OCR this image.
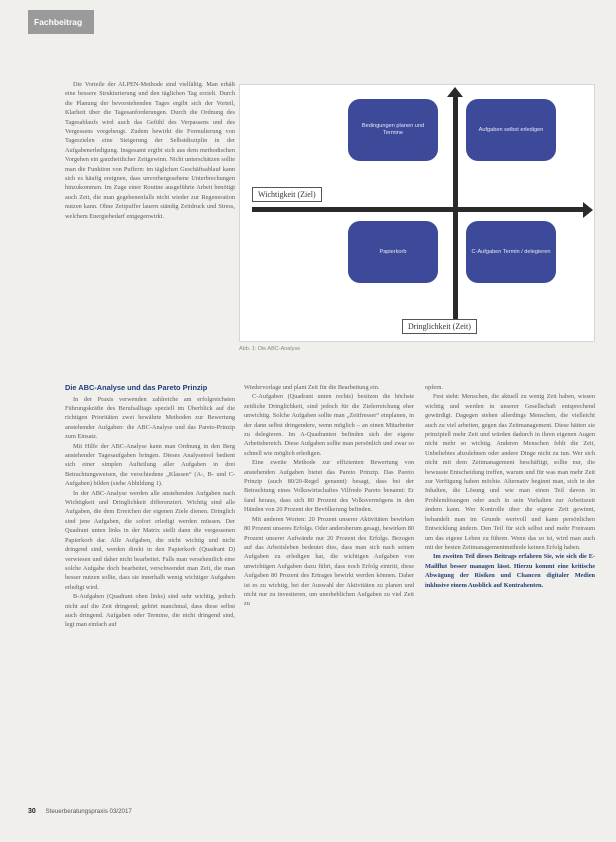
Fachbeitrag

Die Vorteile der ALPEN-Methode sind vielfältig. Man erhält eine bessere Strukturierung und den täglichen Tag erzielt. Durch die Planung der bevorstehenden Tages ergibt sich der Vorteil, Klarheit über die Tagesanforderungen. Durch die Ordnung des Tagesablaufs wird auch das Gefühl des Verpassens und des Vergessens vorgebeugt. Zudem bewirkt die Formulierung von Tageszielen eine Steigerung der Selbstdisziplin in der Aufgabenerledigung. Insgesamt ergibt sich aus dem methodischen Vorgehen ein ganzheitlicher Zeitgewinn. Nicht unterschätzen sollte man die Funktion von Puffern: im täglichen Geschäftsablauf kann sich es häufig ereignen, dass unvorhergesehene Unterbrechungen hinzukommen. Im Zuge einer Routine ausgeführte Arbeit benötigt auch Zeit, die man gegebenenfalls nicht wieder zur Regeneration nutzen kann. Ohne Zeitpuffer lauern ständig Zeitdruck und Stress, welchem Energiebedarf entgegenwirkt.

Bedingungen planen und Termine
Aufgaben selbst erledigen
Papierkorb	C-Aufgaben Termin / delegieren
Wichtigkeit (Ziel)
Dringlichkeit (Zeit)
Abb. 1: Die ABC-Analyse
Die ABC-Analyse und das Pareto Prinzip

In der Praxis verwenden zahlreiche am erfolgreichsten Führungskräfte des Berufsalltags speziell im Überblick auf die richtigen Prioritäten zwei bewährte Methoden zur Bewertung anstehender Aufgaben: die ABC-Analyse und das Pareto-Prinzip zum Einsatz.

Mit Hilfe der ABC-Analyse kann man Ordnung in den Berg anstehender Tagesaufgaben bringen. Dieses Analysetool bedient sich einer simplen Aufteilung aller Aufgaben in drei Betrachtungsweisen, die verschiedene „Klassen“ (A-, B- und C-Aufgaben) bilden (siehe Abbildung 1).

In der ABC-Analyse werden alle anstehenden Aufgaben nach Wichtigkeit und Dringlichkeit differenziert. Wichtig sind alle Aufgaben, die dem Erreichen der eigenen Ziele dienen. Dringlich sind jene Aufgaben, die sofort erledigt werden müssen. Der Quadrant unten links in der Matrix stellt dann die vergessenen Papierkorb dar. Alle Aufgaben, die nicht wichtig und nicht dringend sind, werden direkt in den Papierkorb (Quadrant D) verwiesen und daher nicht bearbeitet. Falls man versehentlich eine solche Aufgabe doch bearbeitet, verschwendet man Zeit, die man besser nutzen sollte, dass sie innerhalb wenig wichtiger Aufgaben erledigt wird.

B-Aufgaben (Quadrant oben links) sind sehr wichtig, jedoch nicht auf die Zeit dringend; gehört manchmal, dass diese selbst auch dringend. Aufgaben oder Termine, die nicht dringend sind, legt man einfach auf

Wiedervorlage und plant Zeit für die Bearbeitung ein.

C-Aufgaben (Quadrant unten rechts) besitzen die höchste zeitliche Dringlichkeit, sind jedoch für die Zielerreichung eher unwichtig. Solche Aufgaben sollte man „Zeitfresser“ einplanen, in der dann selbst dringendere, wenn möglich – an einen Mitarbeiter zu delegieren. Im A-Quadranten befinden sich der eigene Arbeitsbereich. Diese Aufgaben sollte man persönlich und zwar so schnell wie möglich erledigen.

Eine zweite Methode zur effizienten Bewertung von anstehenden Aufgaben bietet das Pareto Prinzip. Das Pareto Prinzip (auch 80/20-Regel genannt) besagt, dass bei der Betrachtung eines Volkswirtschaftes Vilfredo Pareto benannt: Er fand heraus, dass sich 80 Prozent des Volksvermögens in den Händen von 20 Prozent der Bevölkerung befinden.

Mit anderen Worten: 20 Prozent unserer Aktivitäten bewirken 80 Prozent unseres Erfolgs. Oder andersherum gesagt, bewirken 80 Prozent unserer Aufwände nur 20 Prozent des Erfolgs. Bezogen auf das Arbeitsleben bedeutet dies, dass man sich nach seinen Aufgaben zu erledigen hat, die wichtigen Aufgaben von unwichtigen Aufgaben dazu führt, dass noch Erfolg eintritt, diese Aufgaben 80 Prozent des Ertrages bewirkt werden können. Daher ist es zu wichtig, bei der Auswahl der Aktivitäten zu planen und nicht nur zu investieren, um unerheblichen Aufgaben zu viel Zeit zu

opfern.

Fest steht: Menschen, die aktuell zu wenig Zeit haben, wissen wichtig und werden in unserer Gesellschaft entsprechend gewürdigt. Dagegen stehen allerdings Menschen, die vielleicht auch zu viel arbeiten, gegen das Zeitmanagement. Diese hätten sie prinzipiell mehr Zeit und würden dadurch in ihren eigenen Augen nicht mehr so wichtig. Anderen Menschen fehlt die Zeit, Unbeliebtes abzulehnen oder andere Dinge nicht zu tun. Wer sich nicht mit dem Zeitmanagement beschäftigt, sollte nur, die bewusste Entscheidung treffen, warum und für was man mehr Zeit zur Verfügung haben möchte. Alternativ beginnt man, sich in der Inhalten, die Lösung und wie man einen Teil davon in Problemlösungen oder auch in sein Verhalten zur Arbeitszeit ändern kann. Wer Kontrolle über die eigene Zeit gewinnt, behandelt man im Grunde wertvoll und kann persönlichen Entwicklung ändern. Den Teil für sich selbst und mehr Freiraum um das eigene Leben zu führen. Wenn das so ist, wird man auch mit der besten Zeitmanagementmethode keinen Erfolg haben.

Im zweiten Teil dieses Beitrags erfahren Sie, wie sich die E-Mailflut besser managen lässt. Hierzu kommt eine kritische Abwägung der Risiken und Chancen digitaler Medien inklusive einem Ausblick auf Kontrahenten.

30 Steuerberatungspraxis 03/2017
